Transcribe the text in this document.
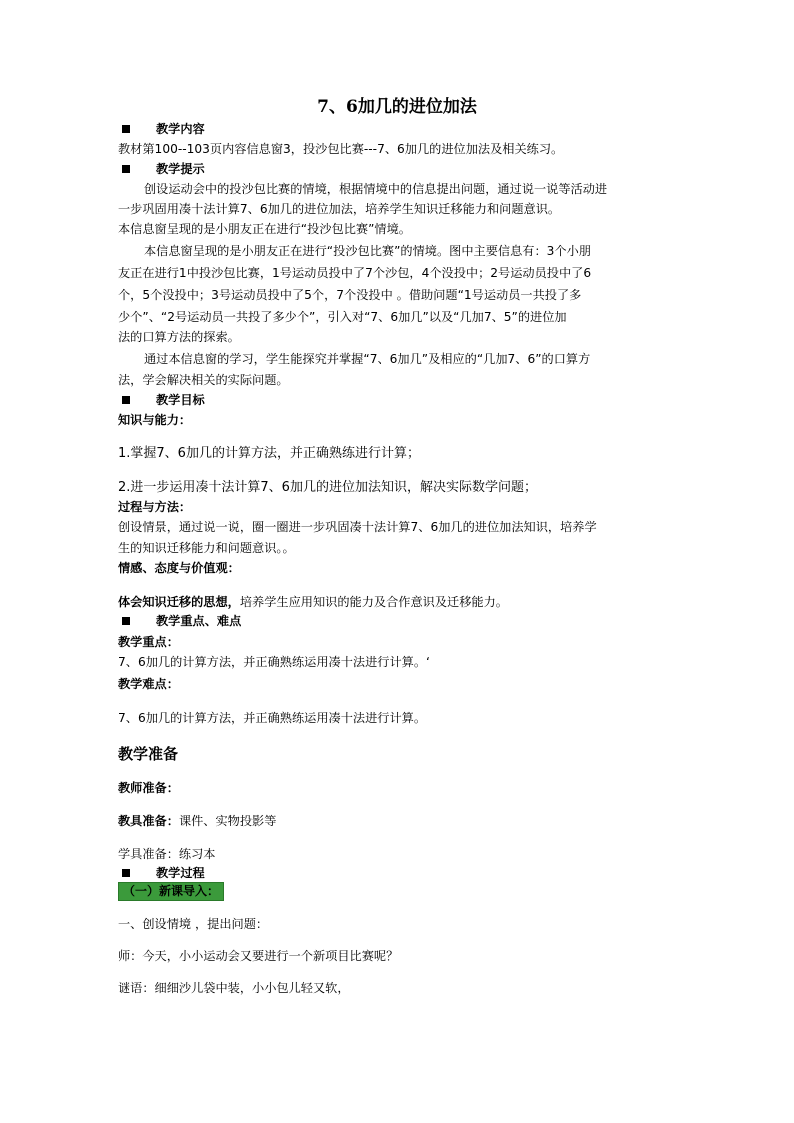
7、6加几的进位加法
教学内容
教材第100--103页内容信息窗3，投沙包比赛---7、6加几的进位加法及相关练习。
教学提示
创设运动会中的投沙包比赛的情境，根据情境中的信息提出问题，通过说一说等活动进
一步巩固用凑十法计算7、6加几的进位加法，培养学生知识迁移能力和问题意识。
本信息窗呈现的是小朋友正在进行“投沙包比赛”情境。
本信息窗呈现的是小朋友正在进行“投沙包比赛”的情境。图中主要信息有：3个小朋
友正在进行1中投沙包比赛，1号运动员投中了7个沙包，4个没投中；2号运动员投中了6
个，5个没投中；3号运动员投中了5个，7个没投中 。借助问题“1号运动员一共投了多
少个”、“2号运动员一共投了多少个”，引入对“7、6加几”以及“几加7、5”的进位加
法的口算方法的探索。
通过本信息窗的学习，学生能探究并掌握“7、6加几”及相应的“几加7、6”的口算方
法，学会解决相关的实际问题。
教学目标
知识与能力：
1.掌握7、6加几的计算方法，并正确熟练进行计算；
2.进一步运用凑十法计算7、6加几的进位加法知识，解决实际数学问题；
过程与方法：
创设情景，通过说一说，圈一圈进一步巩固凑十法计算7、6加几的进位加法知识，培养学
生的知识迁移能力和问题意识。。
情感、态度与价值观：
体会知识迁移的思想，培养学生应用知识的能力及合作意识及迁移能力。
教学重点、难点
教学重点：
7、6加几的计算方法，并正确熟练运用凑十法进行计算。‘
教学难点：
7、6加几的计算方法，并正确熟练运用凑十法进行计算。
教学准备
教师准备：
教具准备：课件、实物投影等
学具准备：练习本
教学过程
（一）新课导入：
一、创设情境 ，提出问题：
师：今天，小小运动会又要进行一个新项目比赛呢？
谜语：细细沙儿袋中装，小小包儿轻又软，
